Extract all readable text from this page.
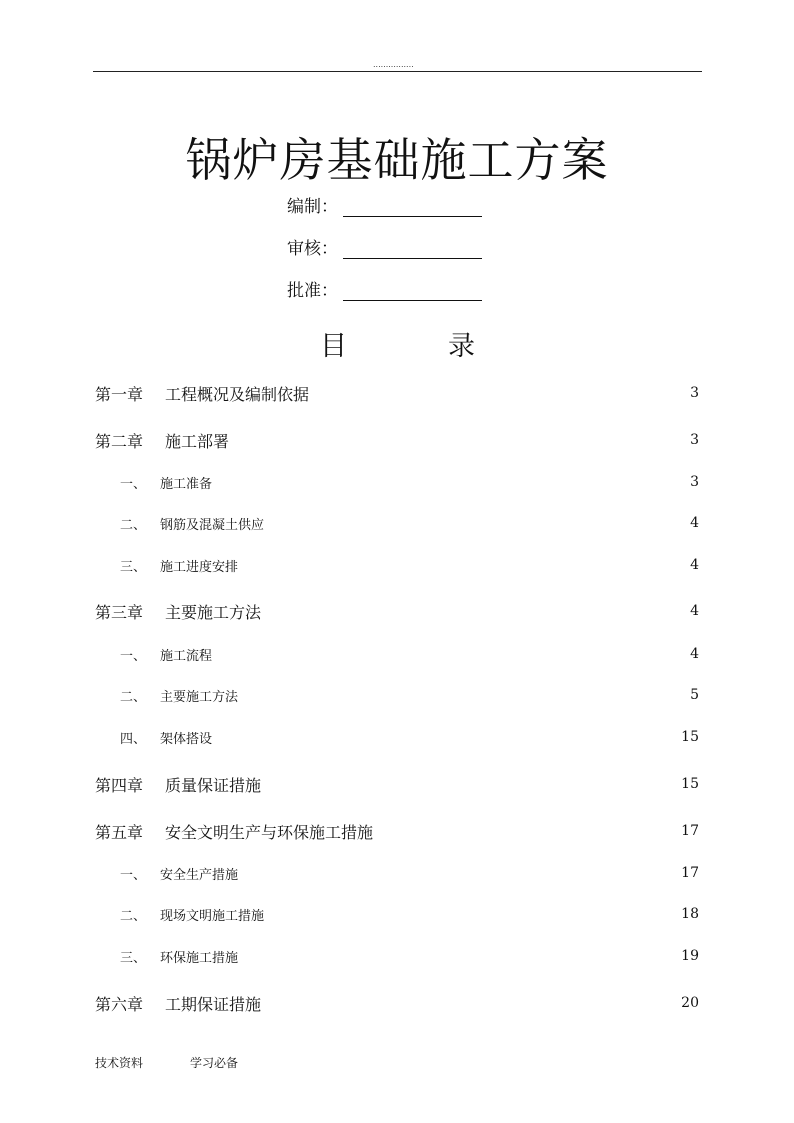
................
锅炉房基础施工方案
编制：
审核：
批准：
目	录
第一章	工程概况及编制依据	3
第二章	施工部署	3
一、	施工准备	3
二、	钢筋及混凝土供应	4
三、	施工进度安排	4
第三章	主要施工方法	4
一、	施工流程	4
二、	主要施工方法	5
四、	架体搭设	15
第四章	质量保证措施	15
第五章	安全文明生产与环保施工措施	17
一、	安全生产措施	17
二、	现场文明施工措施	18
三、	环保施工措施	19
第六章	工期保证措施	20
技术资料	学习必备
